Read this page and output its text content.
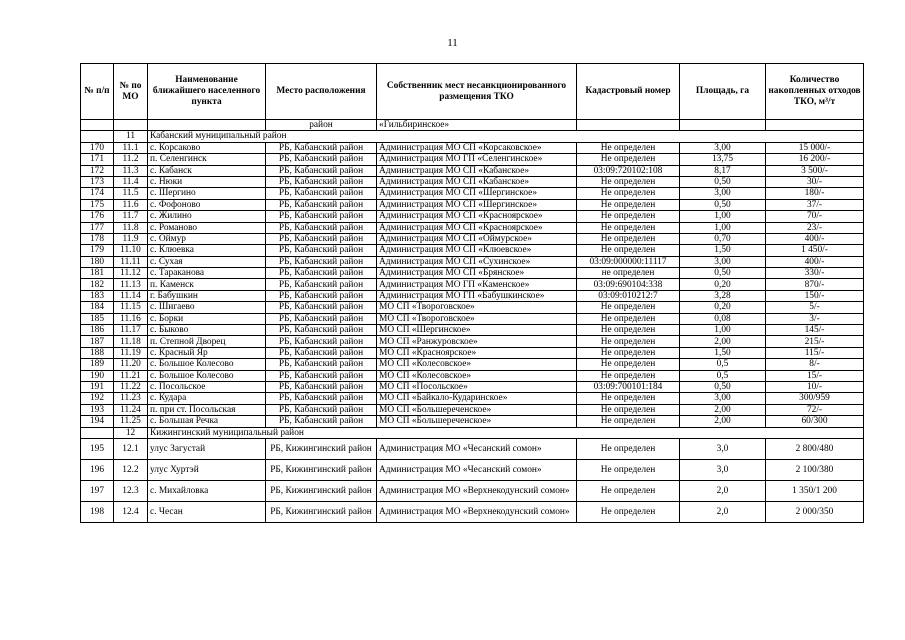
11
№ п/п	№ по МО	Наименование ближайшего населенного пункта	Место расположения	Собственник мест несанкционированного размещения ТКО	Кадастровый номер	Площадь, га	Количество накопленных отходов ТКО, м³/т
			район	«Гильбиринское»			
	11	Кабанский муниципальный район					
170	11.1	с. Корсаково	РБ, Кабанский район	Администрация МО СП «Корсаковское»	Не определен	3,00	15 000/-
171	11.2	п. Селенгинск	РБ, Кабанский район	Администрация МО ГП «Селенгинское»	Не определен	13,75	16 200/-
172	11.3	с. Кабанск	РБ, Кабанский район	Администрация МО СП «Кабанское»	03:09:720102:108	8,17	3 500/-
173	11.4	с. Нюки	РБ, Кабанский район	Администрация МО СП «Кабанское»	Не определен	0,50	30/-
174	11.5	с. Шергино	РБ, Кабанский район	Администрация МО СП «Шергинское»	Не определен	3,00	180/-
175	11.6	с. Фофоново	РБ, Кабанский район	Администрация МО СП «Шергинское»	Не определен	0,50	37/-
176	11.7	с. Жилино	РБ, Кабанский район	Администрация МО СП «Красноярское»	Не определен	1,00	70/-
177	11.8	с. Романово	РБ, Кабанский район	Администрация МО СП «Красноярское»	Не определен	1,00	23/-
178	11.9	с. Оймур	РБ, Кабанский район	Администрация МО СП «Оймурское»	Не определен	0,70	400/-
179	11.10	с. Клюевка	РБ, Кабанский район	Администрация МО СП «Клюевское»	Не определен	1,50	1 450/-
180	11.11	с. Сухая	РБ, Кабанский район	Администрация МО СП «Сухинское»	03:09:000000:11117	3,00	400/-
181	11.12	с. Тараканова	РБ, Кабанский район	Администрация МО СП «Брянское»	не определен	0,50	330/-
182	11.13	п. Каменск	РБ, Кабанский район	Администрация МО ГП «Каменское»	03:09:690104:338	0,20	870/-
183	11.14	г. Бабушкин	РБ, Кабанский район	Администрация МО ГП «Бабушкинское»	03:09:010212:7	3,28	150/-
184	11.15	с. Шигаево	РБ, Кабанский район	МО СП «Твороговское»	Не определен	0,20	5/-
185	11.16	с. Борки	РБ, Кабанский район	МО СП «Твороговское»	Не определен	0,08	3/-
186	11.17	с. Быково	РБ, Кабанский район	МО СП «Шергинское»	Не определен	1,00	145/-
187	11.18	п. Степной Дворец	РБ, Кабанский район	МО СП «Ранжуровское»	Не определен	2,00	215/-
188	11.19	с. Красный Яр	РБ, Кабанский район	МО СП «Красноярское»	Не определен	1,50	115/-
189	11.20	с. Большое Колесово	РБ, Кабанский район	МО СП «Колесовское»	Не определен	0,5	8/-
190	11.21	с. Большое Колесово	РБ, Кабанский район	МО СП «Колесовское»	Не определен	0,5	15/-
191	11.22	с. Посольское	РБ, Кабанский район	МО СП «Посольское»	03:09:700101:184	0,50	10/-
192	11.23	с. Кудара	РБ, Кабанский район	МО СП «Байкало-Кударинское»	Не определен	3,00	300/959
193	11.24	п. при ст. Посольская	РБ, Кабанский район	МО СП «Большереченское»	Не определен	2,00	72/-
194	11.25	с. Большая Речка	РБ, Кабанский район	МО СП «Большереченское»	Не определен	2,00	60/300
	12	Кижингинский муниципальный район					
195	12.1	улус Загустай	РБ, Кижингинский район	Администрация МО «Чесанский сомон»	Не определен	3,0	2 800/480
196	12.2	улус Хуртэй	РБ, Кижингинский район	Администрация МО «Чесанский сомон»	Не определен	3,0	2 100/380
197	12.3	с. Михайловка	РБ, Кижингинский район	Администрация МО «Верхнекодунский сомон»	Не определен	2,0	1 350/1 200
198	12.4	с. Чесан	РБ, Кижингинский район	Администрация МО «Верхнекодунский сомон»	Не определен	2,0	2 000/350
